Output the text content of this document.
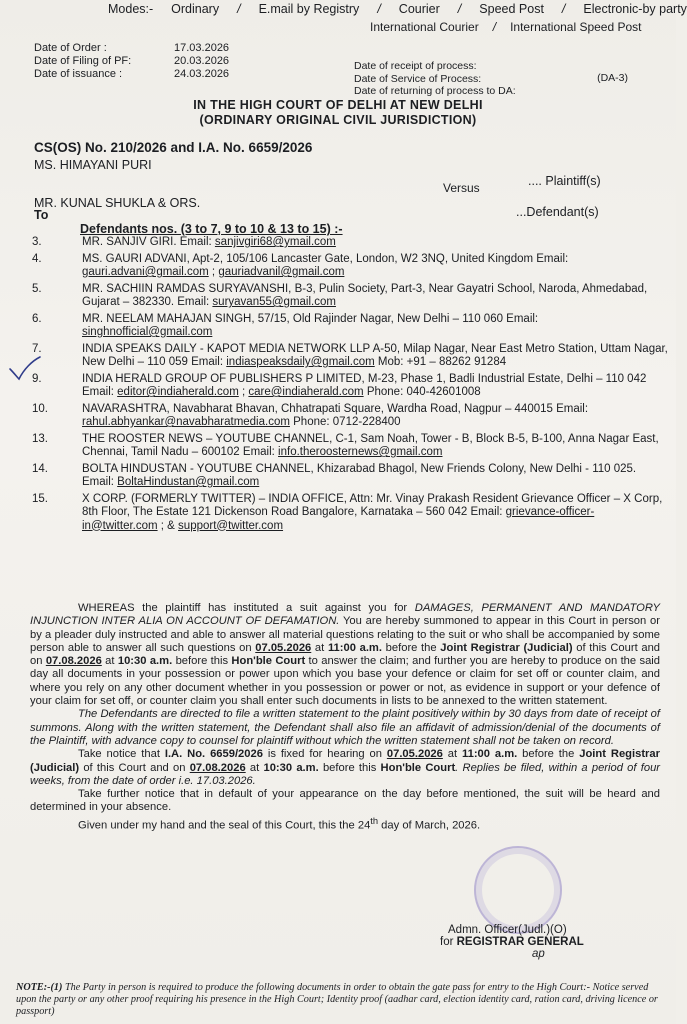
Modes:- Ordinary / E.mail by Registry / Courier / Speed Post / Electronic-by party
International Courier / International Speed Post
Date of Order :	17.03.2026
Date of Filing of PF:	20.03.2026
Date of issuance :	24.03.2026
Date of receipt of process:
Date of Service of Process:
Date of returning of process to DA:
(DA-3)
IN THE HIGH COURT OF DELHI AT NEW DELHI
(ORDINARY ORIGINAL CIVIL JURISDICTION)
CS(OS) No. 210/2026 and I.A. No. 6659/2026
MS. HIMAYANI PURI
Versus	.... Plaintiff(s)
MR. KUNAL SHUKLA & ORS.
To	...Defendant(s)
Defendants nos. (3 to 7, 9 to 10 & 13 to 15) :-
3.	MR. SANJIV GIRI. Email: sanjivgiri68@ymail.com
4.	MS. GAURI ADVANI, Apt-2, 105/106 Lancaster Gate, London, W2 3NQ, United Kingdom Email: gauri.advani@gmail.com ; gauriadvanil@gmail.com
5.	MR. SACHIIN RAMDAS SURYAVANSHI, B-3, Pulin Society, Part-3, Near Gayatri School, Naroda, Ahmedabad, Gujarat – 382330. Email: suryavan55@gmail.com
6.	MR. NEELAM MAHAJAN SINGH, 57/15, Old Rajinder Nagar, New Delhi – 110 060 Email: singhnofficial@gmail.com
7.	INDIA SPEAKS DAILY - KAPOT MEDIA NETWORK LLP A-50, Milap Nagar, Near East Metro Station, Uttam Nagar, New Delhi – 110 059 Email: indiaspeaksdaily@gmail.com Mob: +91 – 88262 91284
9.	INDIA HERALD GROUP OF PUBLISHERS P LIMITED, M-23, Phase 1, Badli Industrial Estate, Delhi – 110 042 Email: editor@indiaherald.com ; care@indiaherald.com Phone: 040-42601008
10.	NAVARASHTRA, Navabharat Bhavan, Chhatrapati Square, Wardha Road, Nagpur – 440015 Email: rahul.abhyankar@navabharatmedia.com Phone: 0712-228400
13.	THE ROOSTER NEWS – YOUTUBE CHANNEL, C-1, Sam Noah, Tower - B, Block B-5, B-100, Anna Nagar East, Chennai, Tamil Nadu – 600102 Email: info.theroosternews@gmail.com
14.	BOLTA HINDUSTAN - YOUTUBE CHANNEL, Khizarabad Bhagol, New Friends Colony, New Delhi - 110 025. Email: BoltaHindustan@gmail.com
15.	X CORP. (FORMERLY TWITTER) – INDIA OFFICE, Attn: Mr. Vinay Prakash Resident Grievance Officer – X Corp, 8th Floor, The Estate 121 Dickenson Road Bangalore, Karnataka – 560 042 Email: grievance-officer-in@twitter.com ; & support@twitter.com

WHEREAS the plaintiff has instituted a suit against you for DAMAGES, PERMANENT AND MANDATORY INJUNCTION INTER ALIA ON ACCOUNT OF DEFAMATION. You are hereby summoned to appear in this Court in person or by a pleader duly instructed and able to answer all material questions relating to the suit or who shall be accompanied by some person able to answer all such questions on 07.05.2026 at 11:00 a.m. before the Joint Registrar (Judicial) of this Court and on 07.08.2026 at 10:30 a.m. before this Hon'ble Court to answer the claim; and further you are hereby to produce on the said day all documents in your possession or power upon which you base your defence or claim for set off or counter claim, and where you rely on any other document whether in you possession or power or not, as evidence in support or your defence of your claim for set off, or counter claim you shall enter such documents in lists to be annexed to the written statement.

The Defendants are directed to file a written statement to the plaint positively within by 30 days from date of receipt of summons. Along with the written statement, the Defendant shall also file an affidavit of admission/denial of the documents of the Plaintiff, with advance copy to counsel for plaintiff without which the written statement shall not be taken on record.

Take notice that I.A. No. 6659/2026 is fixed for hearing on 07.05.2026 at 11:00 a.m. before the Joint Registrar (Judicial) of this Court and on 07.08.2026 at 10:30 a.m. before this Hon'ble Court. Replies be filed, within a period of four weeks, from the date of order i.e. 17.03.2026.

Take further notice that in default of your appearance on the day before mentioned, the suit will be heard and determined in your absence.

Given under my hand and the seal of this Court, this the 24th day of March, 2026.

Admn. Officer(Judl.)(O)
for REGISTRAR GENERAL
ap
NOTE:-(1) The Party in person is required to produce the following documents in order to obtain the gate pass for entry to the High Court:- Notice served upon the party or any other proof requiring his presence in the High Court; Identity proof (aadhar card, election identity card, ration card, driving licence or passport)
